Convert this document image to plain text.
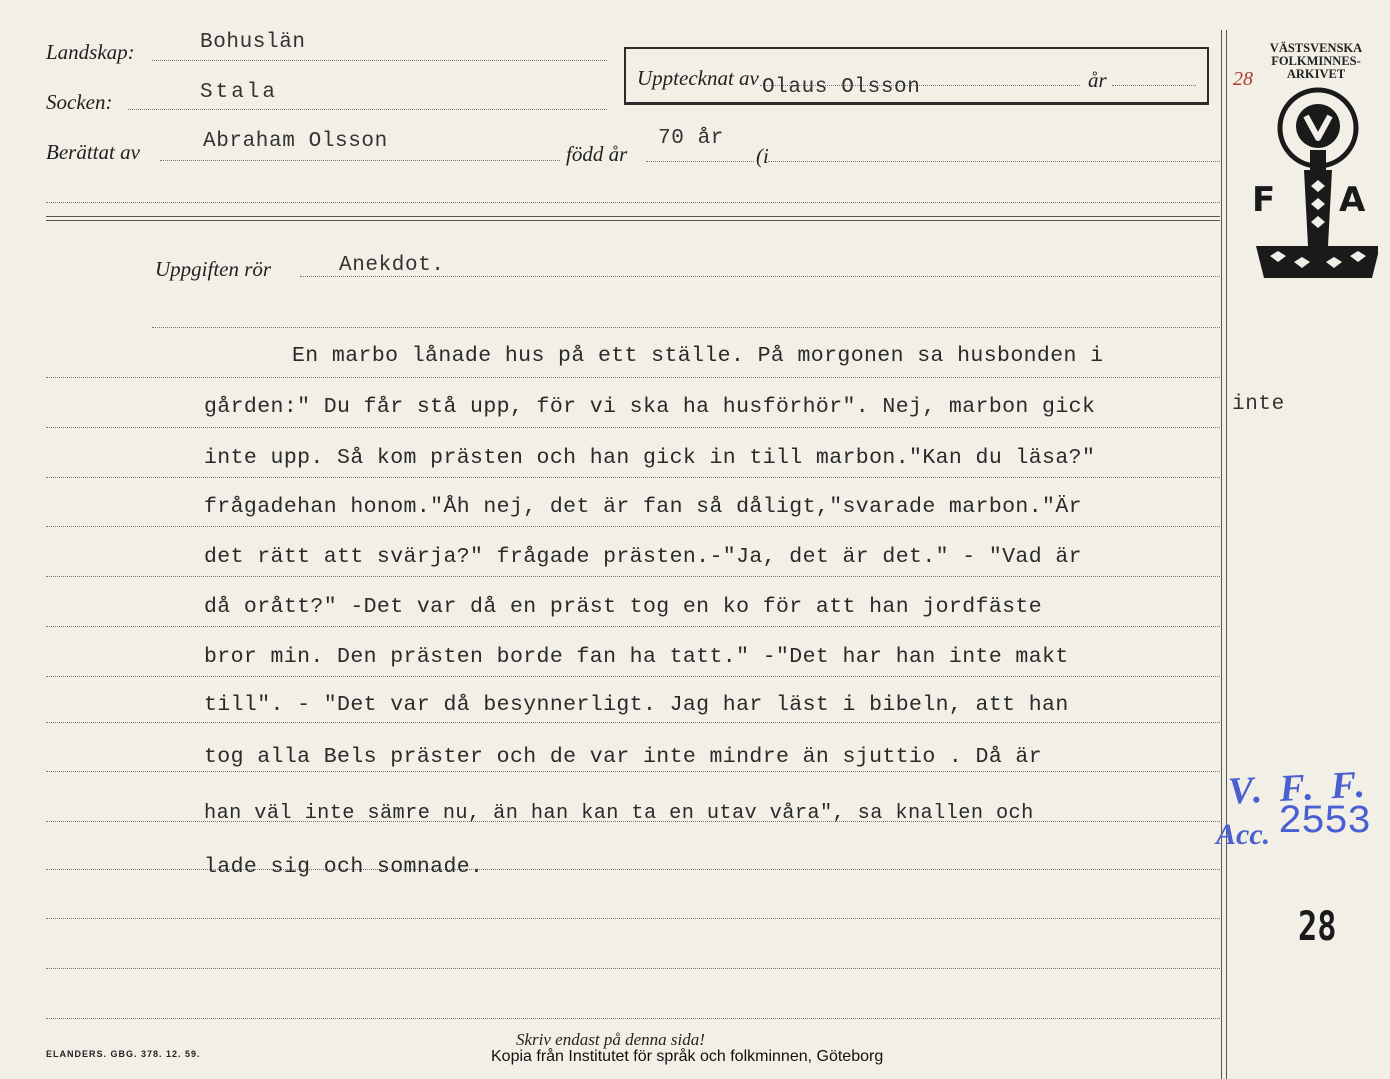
Landskap:	Bohuslän
Socken:	Stala
Berättat av	Abraham Olsson
född år
70 år
(i
Upptecknat av Olaus Olsson	år
Uppgiften rör	Anekdot.
En marbo lånade hus på ett ställe. På morgonen sa husbonden i
gården:" Du får stå upp, för vi ska ha husförhör". Nej, marbon gick
inte upp. Så kom prästen och han gick in till marbon."Kan du läsa?"
frågadehan honom."Åh nej, det är fan så dåligt,"svarade marbon."Är
det rätt att svärja?" frågade prästen.-"Ja, det är det." - "Vad är
då orått?" -Det var då en präst tog en ko för att han jordfäste
bror min. Den prästen borde fan ha tatt." -"Det har han inte makt
till". - "Det var då besynnerligt. Jag har läst i bibeln, att han
tog alla Bels präster och de var inte mindre än sjuttio . Då är
han väl inte sämre nu, än han kan ta en utav våra", sa knallen och
lade sig och somnade.
inte
VÄSTSVENSKA
FOLKMINNES-
ARKIVET
28
F A
V. F. F.
Acc. 2553
28
Skriv endast på denna sida!
ELANDERS. GBG. 378. 12. 59.	Kopia från Institutet för språk och folkminnen, Göteborg
